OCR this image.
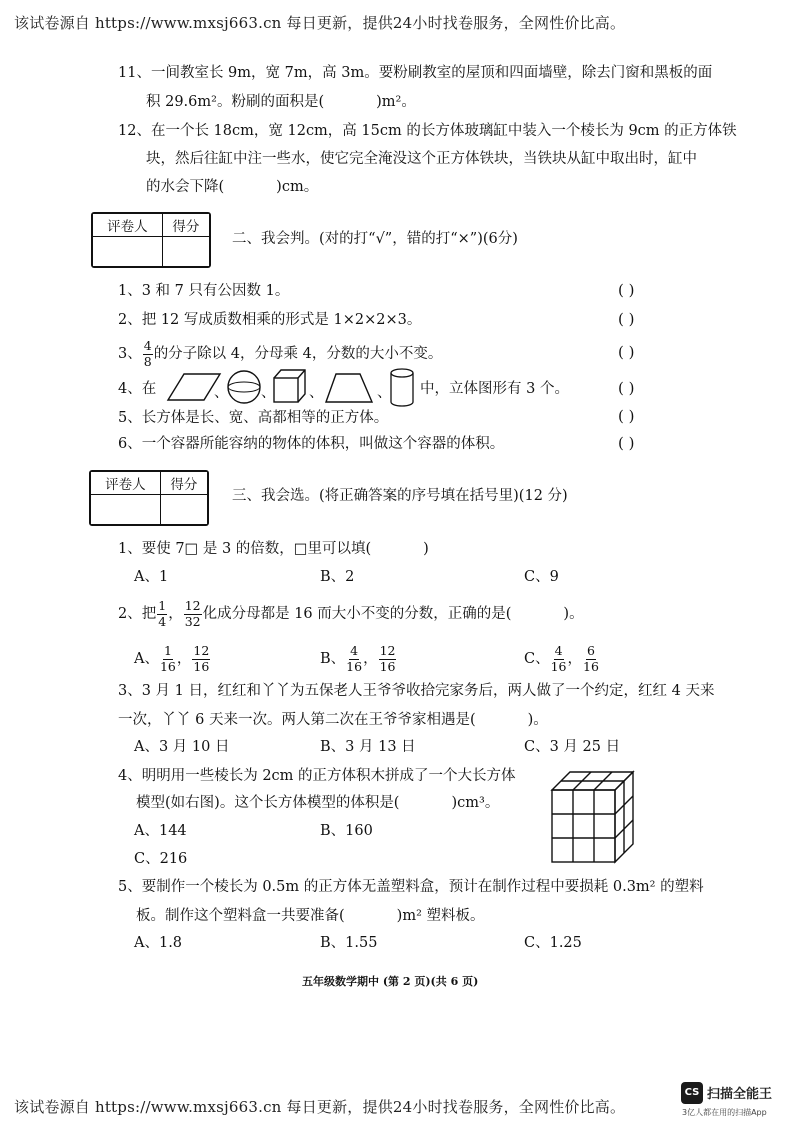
该试卷源自 https://www.mxsj663.cn 每日更新，提供24小时找卷服务，全网性价比高。
11、一间教室长 9m，宽 7m，高 3m。要粉刷教室的屋顶和四面墙壁，除去门窗和黑板的面
积 29.6m²。粉刷的面积是(	)m²。
12、在一个长 18cm，宽 12cm，高 15cm 的长方体玻璃缸中装入一个棱长为 9cm 的正方体铁
块，然后往缸中注一些水，使它完全淹没这个正方体铁块，当铁块从缸中取出时，缸中
的水会下降(	)cm。
评卷人	得分

二、我会判。(对的打“√”，错的打“×”)(6分)
1、3 和 7 只有公因数 1。	( )
2、把 12 写成质数相乘的形式是 1×2×2×3。	( )
3、 $\frac{4}{8}$ 的分子除以 4，分母乘 4，分数的大小不变。	( )
4、在	、 、 、	、 中，立体图形有 3 个。	( )
5、长方体是长、宽、高都相等的正方体。	( )
6、一个容器所能容纳的物体的体积，叫做这个容器的体积。	( )
评卷人	得分

三、我会选。(将正确答案的序号填在括号里)(12 分)
1、要使 7□ 是 3 的倍数，□里可以填(	)
A、1	B、2	C、9
2、把 $\frac{1}{4}$ ， $\frac{12}{32}$ 化成分母都是 16 而大小不变的分数，正确的是(	)。
A、 $\frac{1}{16}$ ， $\frac{12}{16}$	B、 $\frac{4}{16}$ ， $\frac{12}{16}$	C、 $\frac{4}{16}$ ， $\frac{6}{16}$
3、3 月 1 日，红红和丫丫为五保老人王爷爷收拾完家务后，两人做了一个约定，红红 4 天来
一次，丫丫 6 天来一次。两人第二次在王爷爷家相遇是(	)。
A、3 月 10 日	B、3 月 13 日	C、3 月 25 日
4、明明用一些棱长为 2cm 的正方体积木拼成了一个大长方体
模型(如右图)。这个长方体模型的体积是(	)cm³。
A、144	B、160
C、216
5、要制作一个棱长为 0.5m 的正方体无盖塑料盒，预计在制作过程中要损耗 0.3m² 的塑料
板。制作这个塑料盒一共要准备(	)m² 塑料板。
A、1.8	B、1.55	C、1.25
五年级数学期中 (第 2 页)(共 6 页)
该试卷源自 https://www.mxsj663.cn 每日更新，提供24小时找卷服务，全网性价比高。
CS 扫描全能王
3亿人都在用的扫描App
